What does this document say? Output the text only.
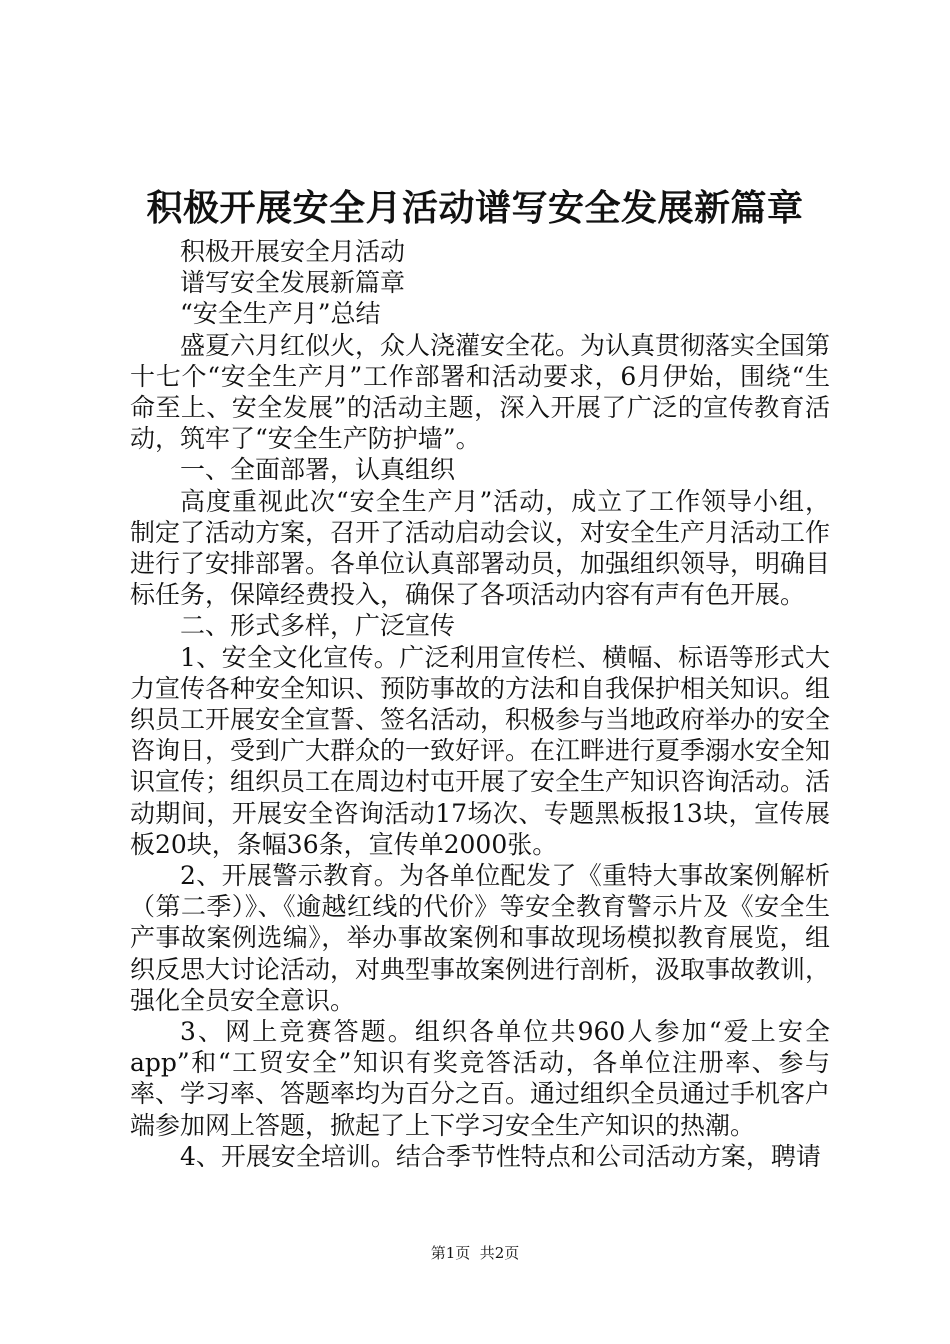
积极开展安全月活动谱写安全发展新篇章

积极开展安全月活动

谱写安全发展新篇章

“安全生产月”总结

盛夏六月红似火，众人浇灌安全花。为认真贯彻落实全国第十七个“安全生产月”工作部署和活动要求，6月伊始，围绕“生命至上、安全发展”的活动主题，深入开展了广泛的宣传教育活动，筑牢了“安全生产防护墙”。

一、全面部署，认真组织

高度重视此次“安全生产月”活动，成立了工作领导小组，制定了活动方案，召开了活动启动会议，对安全生产月活动工作进行了安排部署。各单位认真部署动员，加强组织领导，明确目标任务，保障经费投入，确保了各项活动内容有声有色开展。

二、形式多样，广泛宣传

1、安全文化宣传。广泛利用宣传栏、横幅、标语等形式大力宣传各种安全知识、预防事故的方法和自我保护相关知识。组织员工开展安全宣誓、签名活动，积极参与当地政府举办的安全咨询日，受到广大群众的一致好评。在江畔进行夏季溺水安全知识宣传；组织员工在周边村屯开展了安全生产知识咨询活动。活动期间，开展安全咨询活动17场次、专题黑板报13块，宣传展板20块，条幅36条，宣传单2000张。

2、开展警示教育。为各单位配发了《重特大事故案例解析（第二季）》、《逾越红线的代价》等安全教育警示片及《安全生产事故案例选编》，举办事故案例和事故现场模拟教育展览，组织反思大讨论活动，对典型事故案例进行剖析，汲取事故教训，强化全员安全意识。

3、网上竞赛答题。组织各单位共960人参加“爱上安全app”和“工贸安全”知识有奖竞答活动，各单位注册率、参与率、学习率、答题率均为百分之百。通过组织全员通过手机客户端参加网上答题，掀起了上下学习安全生产知识的热潮。

4、开展安全培训。结合季节性特点和公司活动方案，聘请

第1页  共2页
